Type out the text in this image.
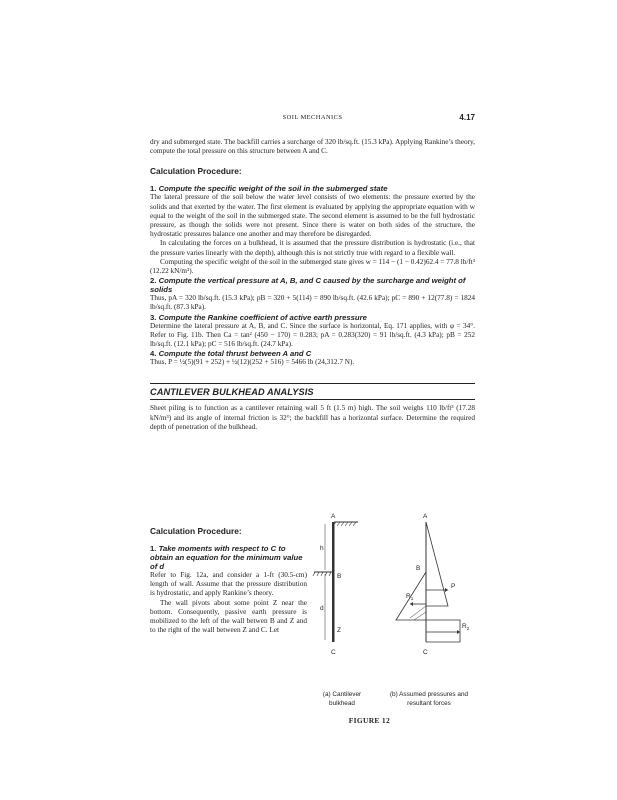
SOIL MECHANICS	4.17

dry and submerged state. The backfill carries a surcharge of 320 lb/sq.ft. (15.3 kPa). Applying Rankine’s theory, compute the total pressure on this structure between A and C.

Calculation Procedure:

1. Compute the specific weight of the soil in the submerged state

The lateral pressure of the soil below the water level consists of two elements: the pressure exerted by the solids and that exerted by the water. The first element is evaluated by applying the appropriate equation with w equal to the weight of the soil in the submerged state. The second element is assumed to be the full hydrostatic pressure, as though the solids were not present. Since there is water on both sides of the structure, the hydrostatic pressures balance one another and may therefore be disregarded.

In calculating the forces on a bulkhead, it is assumed that the pressure distribution is hydrostatic (i.e., that the pressure varies linearly with the depth), although this is not strictly true with regard to a flexible wall.

Computing the specific weight of the soil in the submerged state gives w = 114 − (1 − 0.42)62.4 = 77.8 lb/ft³ (12.22 kN/m³).

2. Compute the vertical pressure at A, B, and C caused by the surcharge and weight of solids

Thus, pA = 320 lb/sq.ft. (15.3 kPa); pB = 320 + 5(114) = 890 lb/sq.ft. (42.6 kPa); pC = 890 + 12(77.8) = 1824 lb/sq.ft. (87.3 kPa).

3. Compute the Rankine coefficient of active earth pressure

Determine the lateral pressure at A, B, and C. Since the surface is horizontal, Eq. 171 applies, with φ = 34°. Refer to Fig. 11b. Then Ca = tan² (450 − 170) = 0.283; pA = 0.283(320) = 91 lb/sq.ft. (4.3 kPa); pB = 252 lb/sq.ft. (12.1 kPa); pC = 516 lb/sq.ft. (24.7 kPa).

4. Compute the total thrust between A and C

Thus, P = ½(5)(91 + 252) + ½(12)(252 + 516) = 5466 lb (24,312.7 N).

CANTILEVER BULKHEAD ANALYSIS

Sheet piling is to function as a cantilever retaining wall 5 ft (1.5 m) high. The soil weighs 110 lb/ft³ (17.28 kN/m³) and its angle of internal friction is 32°; the backfill has a horizontal surface. Determine the required depth of penetration of the bulkhead.

Calculation Procedure:

1. Take moments with respect to C to obtain an equation for the minimum value of d

Refer to Fig. 12a, and consider a 1-ft (30.5-cm) length of wall. Assume that the pressure distribution is hydrostatic, and apply Rankine’s theory.

The wall pivots about some point Z near the bottom. Consequently, passive earth pressure is mobilized to the left of the wall betwen B and Z and to the right of the wall between Z and C. Let

h
d
A
B
Z
C
A
B
P
$R_1$
$R_2$
C
(a) Cantilever bulkhead
(b) Assumed pressures and resultant forces
FIGURE 12
